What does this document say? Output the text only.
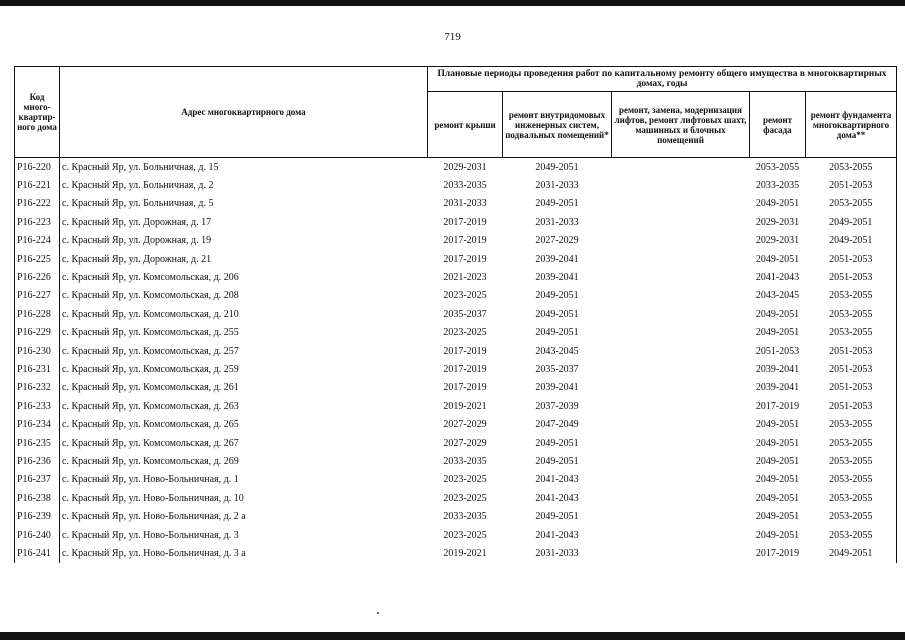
719
Код много-квартир-ного дома	Адрес многоквартирного дома	Плановые периоды проведения работ по капитальному ремонту общего имущества в многоквартирных домах, годы				
		ремонт крыши	ремонт внутридомовых инженерных систем, подвальных помещений*	ремонт, замена, модернизация лифтов, ремонт лифтовых шахт, машинных и блочных помещений	ремонт фасада	ремонт фундамента многоквартирного дома**
P16-220	с. Красный Яр, ул. Больничная, д. 15	2029-2031	2049-2051		2053-2055	2053-2055
P16-221	с. Красный Яр, ул. Больничная, д. 2	2033-2035	2031-2033		2033-2035	2051-2053
P16-222	с. Красный Яр, ул. Больничная, д. 5	2031-2033	2049-2051		2049-2051	2053-2055
P16-223	с. Красный Яр, ул. Дорожная, д. 17	2017-2019	2031-2033		2029-2031	2049-2051
P16-224	с. Красный Яр, ул. Дорожная, д. 19	2017-2019	2027-2029		2029-2031	2049-2051
P16-225	с. Красный Яр, ул. Дорожная, д. 21	2017-2019	2039-2041		2049-2051	2051-2053
P16-226	с. Красный Яр, ул. Комсомольская, д. 206	2021-2023	2039-2041		2041-2043	2051-2053
P16-227	с. Красный Яр, ул. Комсомольская, д. 208	2023-2025	2049-2051		2043-2045	2053-2055
P16-228	с. Красный Яр, ул. Комсомольская, д. 210	2035-2037	2049-2051		2049-2051	2053-2055
P16-229	с. Красный Яр, ул. Комсомольская, д. 255	2023-2025	2049-2051		2049-2051	2053-2055
P16-230	с. Красный Яр, ул. Комсомольская, д. 257	2017-2019	2043-2045		2051-2053	2051-2053
P16-231	с. Красный Яр, ул. Комсомольская, д. 259	2017-2019	2035-2037		2039-2041	2051-2053
P16-232	с. Красный Яр, ул. Комсомольская, д. 261	2017-2019	2039-2041		2039-2041	2051-2053
P16-233	с. Красный Яр, ул. Комсомольская, д. 263	2019-2021	2037-2039		2017-2019	2051-2053
P16-234	с. Красный Яр, ул. Комсомольская, д. 265	2027-2029	2047-2049		2049-2051	2053-2055
P16-235	с. Красный Яр, ул. Комсомольская, д. 267	2027-2029	2049-2051		2049-2051	2053-2055
P16-236	с. Красный Яр, ул. Комсомольская, д. 269	2033-2035	2049-2051		2049-2051	2053-2055
P16-237	с. Красный Яр, ул. Ново-Больничная, д. 1	2023-2025	2041-2043		2049-2051	2053-2055
P16-238	с. Красный Яр, ул. Ново-Больничная, д. 10	2023-2025	2041-2043		2049-2051	2053-2055
P16-239	с. Красный Яр, ул. Ново-Больничная, д. 2 а	2033-2035	2049-2051		2049-2051	2053-2055
P16-240	с. Красный Яр, ул. Ново-Больничная, д. 3	2023-2025	2041-2043		2049-2051	2053-2055
P16-241	с. Красный Яр, ул. Ново-Больничная, д. 3 а	2019-2021	2031-2033		2017-2019	2049-2051
